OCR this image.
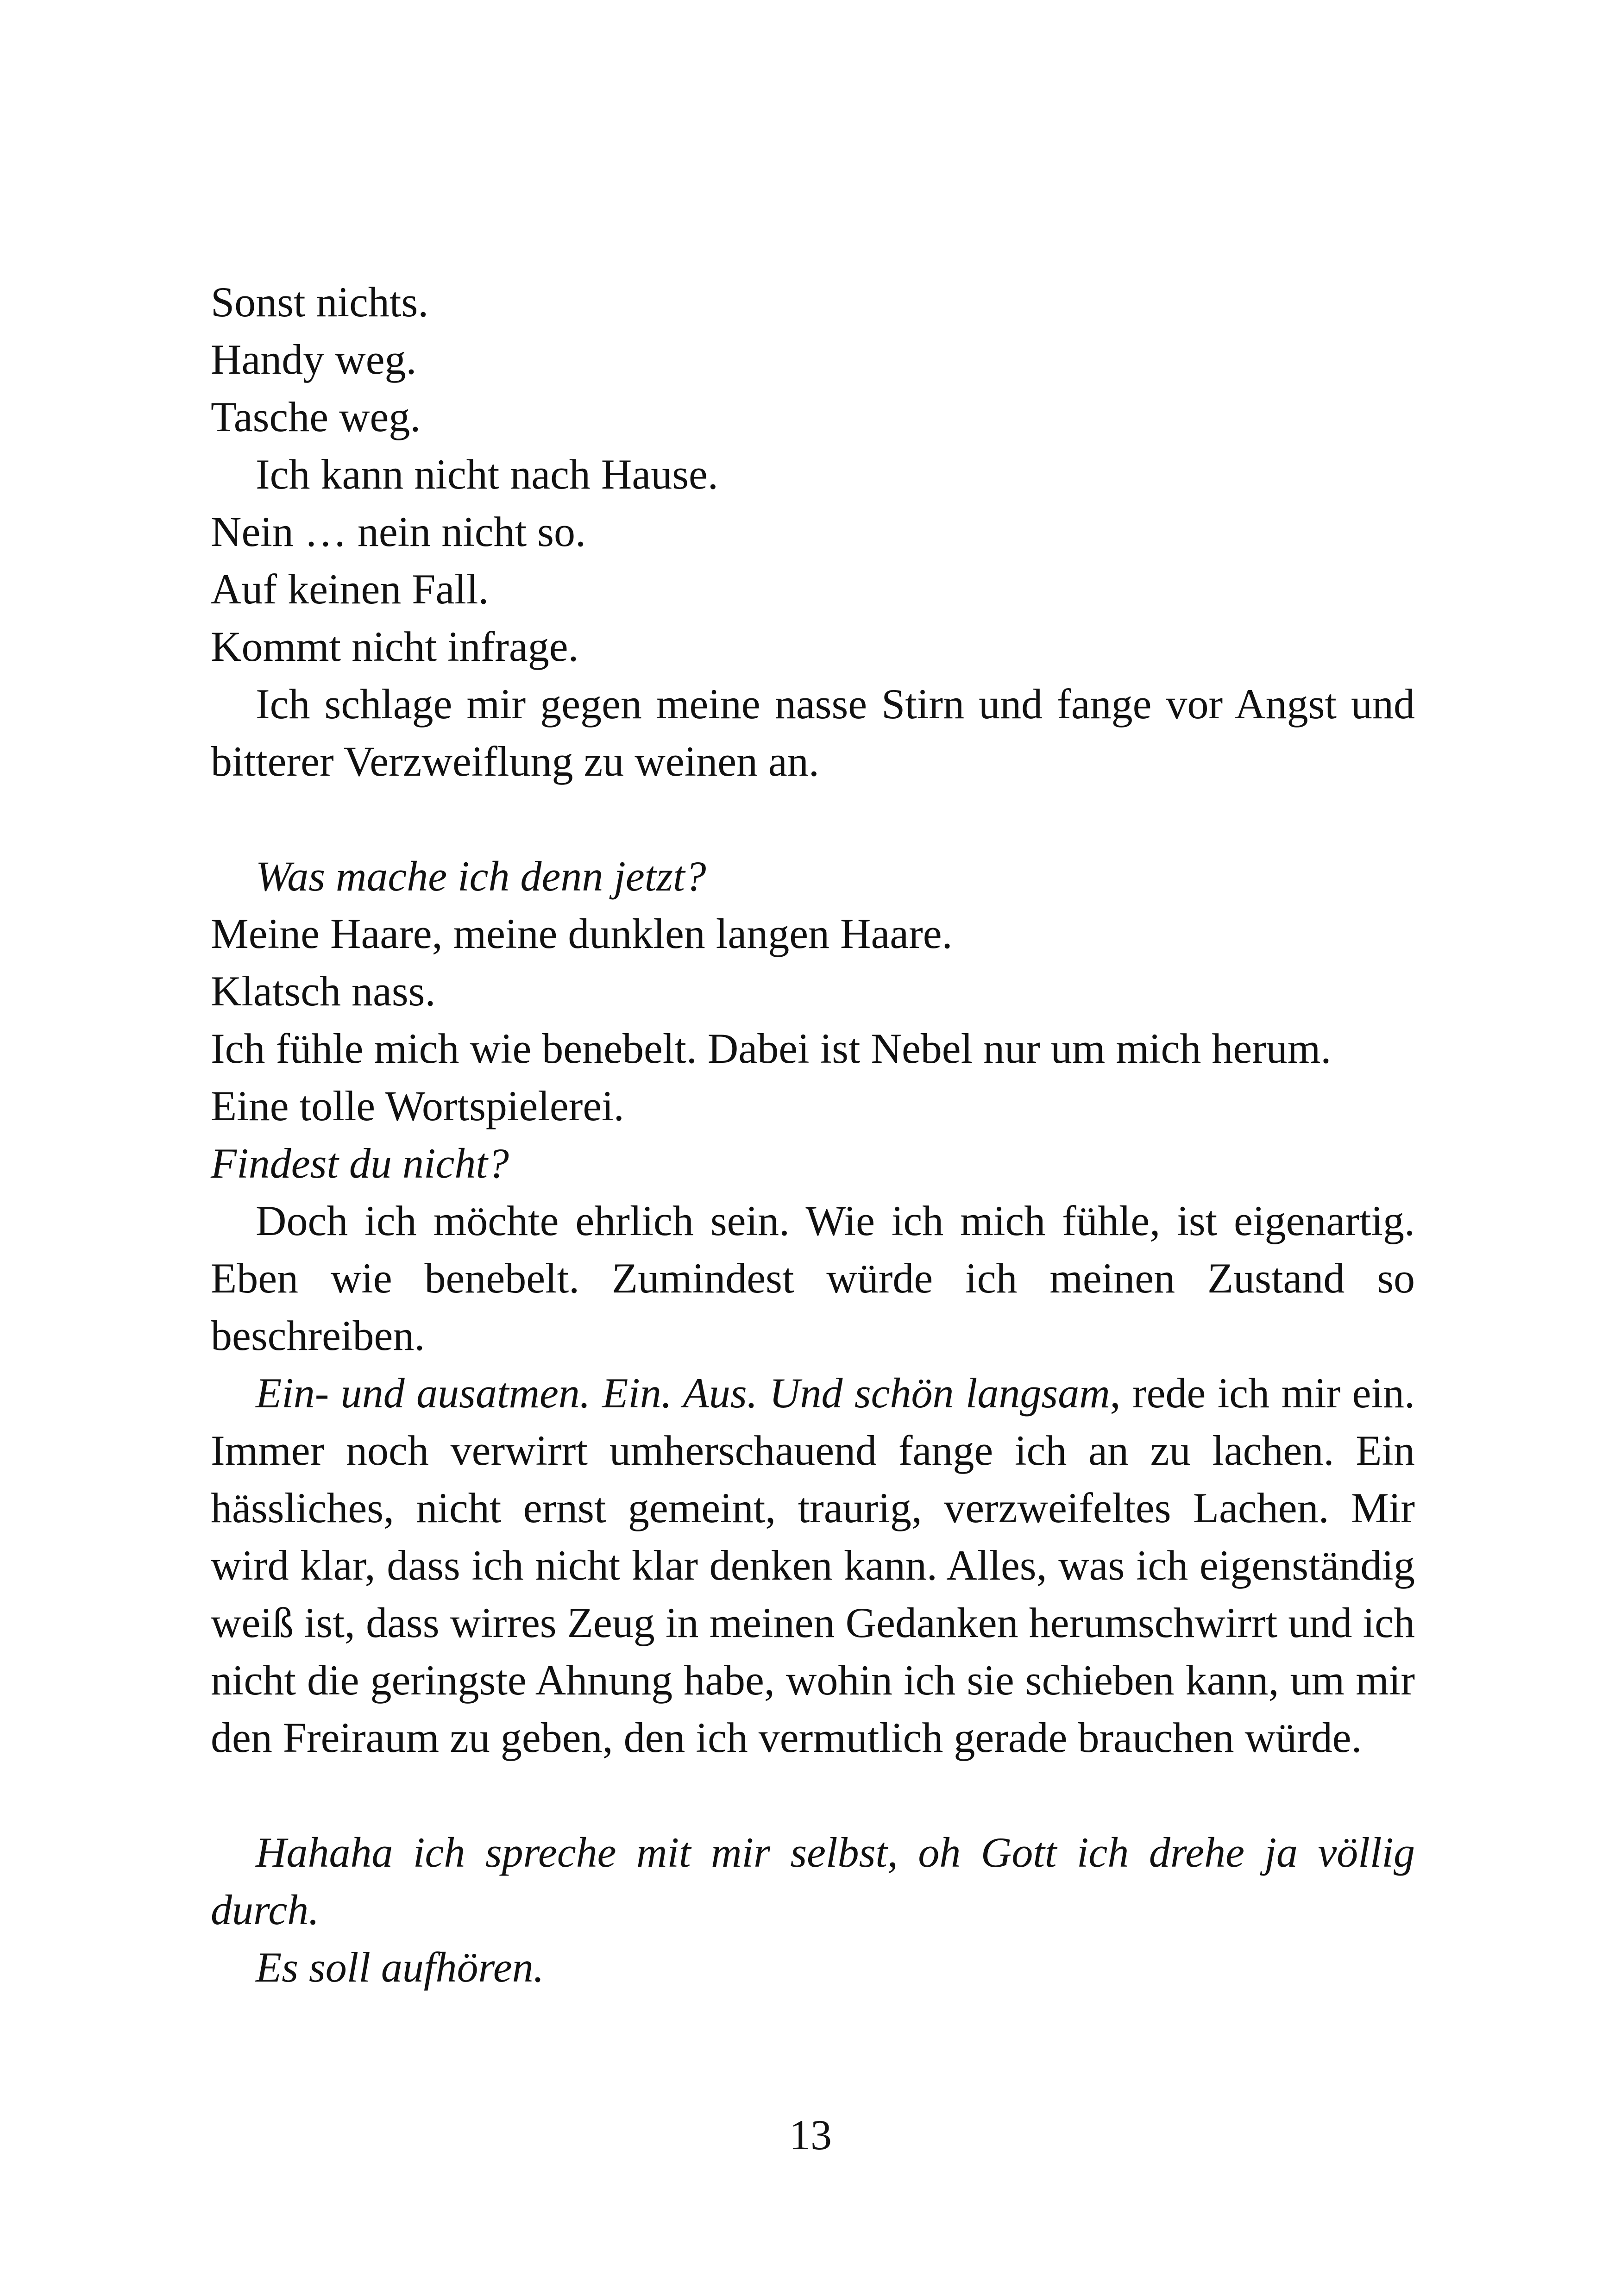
Sonst nichts.
Handy weg.
Tasche weg.
Ich kann nicht nach Hause.
Nein … nein nicht so.
Auf keinen Fall.
Kommt nicht infrage.
Ich schlage mir gegen meine nasse Stirn und fange vor Angst und bitterer Verzweiflung zu weinen an.
Was mache ich denn jetzt?
Meine Haare, meine dunklen langen Haare.
Klatsch nass.
Ich fühle mich wie benebelt. Dabei ist Nebel nur um mich herum.
Eine tolle Wortspielerei.
Findest du nicht?
Doch ich möchte ehrlich sein. Wie ich mich fühle, ist eigenartig. Eben wie benebelt. Zumindest würde ich meinen Zustand so beschreiben.
Ein- und ausatmen. Ein. Aus. Und schön langsam, rede ich mir ein. Immer noch verwirrt umherschauend fange ich an zu lachen. Ein hässliches, nicht ernst gemeint, traurig, verzweifeltes Lachen. Mir wird klar, dass ich nicht klar denken kann. Alles, was ich eigenständig weiß ist, dass wirres Zeug in meinen Gedanken herumschwirrt und ich nicht die geringste Ahnung habe, wohin ich sie schieben kann, um mir den Freiraum zu geben, den ich vermutlich gerade brauchen würde.
Hahaha ich spreche mit mir selbst, oh Gott ich drehe ja völlig durch.
Es soll aufhören.
13
